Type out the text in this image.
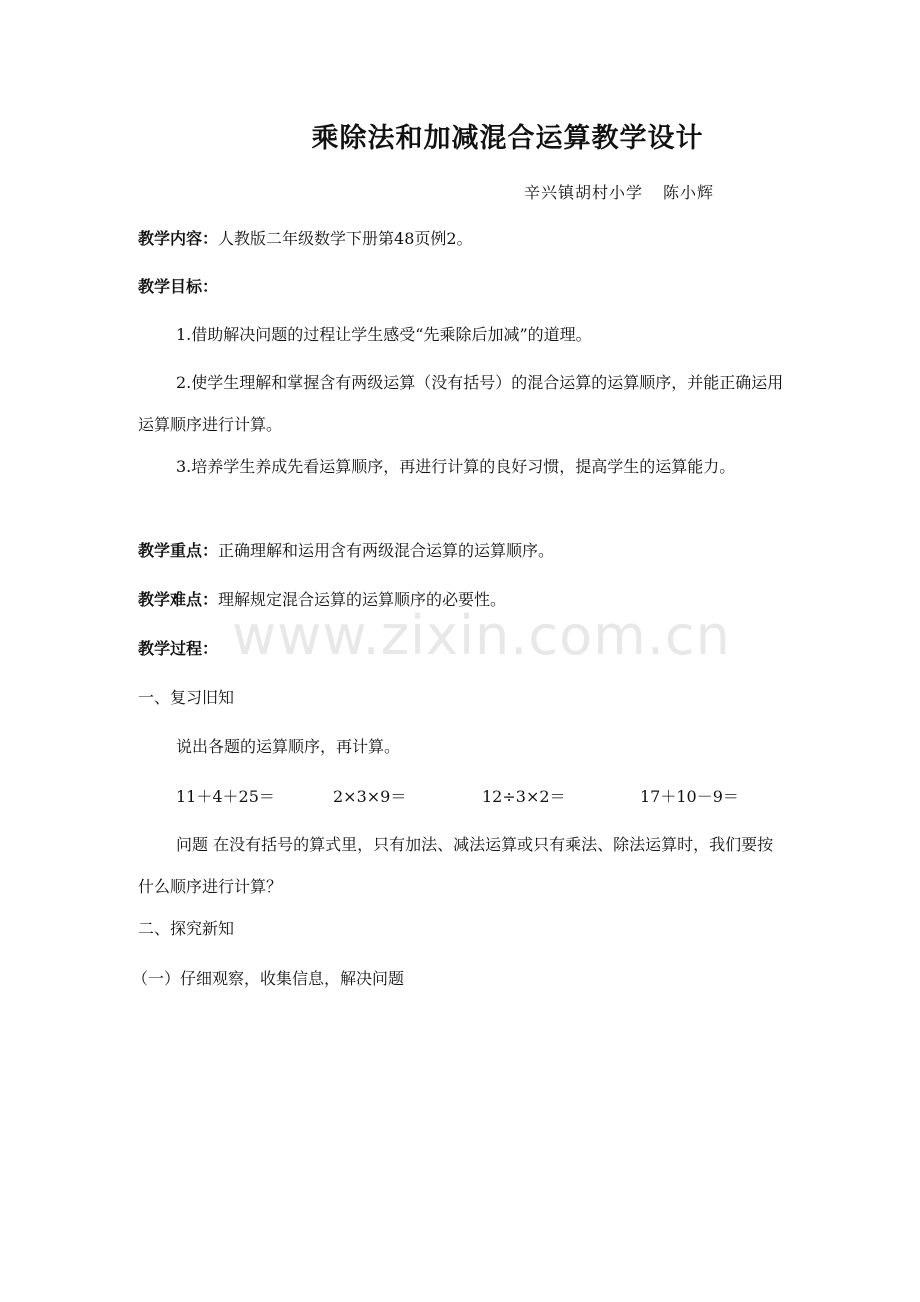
乘除法和加减混合运算教学设计
辛兴镇胡村小学 陈小辉
教学内容：人教版二年级数学下册第48页例2。
教学目标：
1.借助解决问题的过程让学生感受“先乘除后加减”的道理。
2.使学生理解和掌握含有两级运算（没有括号）的混合运算的运算顺序，并能正确运用运算顺序进行计算。
3.培养学生养成先看运算顺序，再进行计算的良好习惯，提高学生的运算能力。
教学重点：正确理解和运用含有两级混合运算的运算顺序。
教学难点：理解规定混合运算的运算顺序的必要性。
www.zixin.com.cn
教学过程：
一、复习旧知
说出各题的运算顺序，再计算。
11＋4＋25＝	2×3×9＝	12÷3×2＝	17＋10－9＝
问题 在没有括号的算式里，只有加法、减法运算或只有乘法、除法运算时，我们要按什么顺序进行计算？
二、探究新知
（一）仔细观察，收集信息，解决问题
